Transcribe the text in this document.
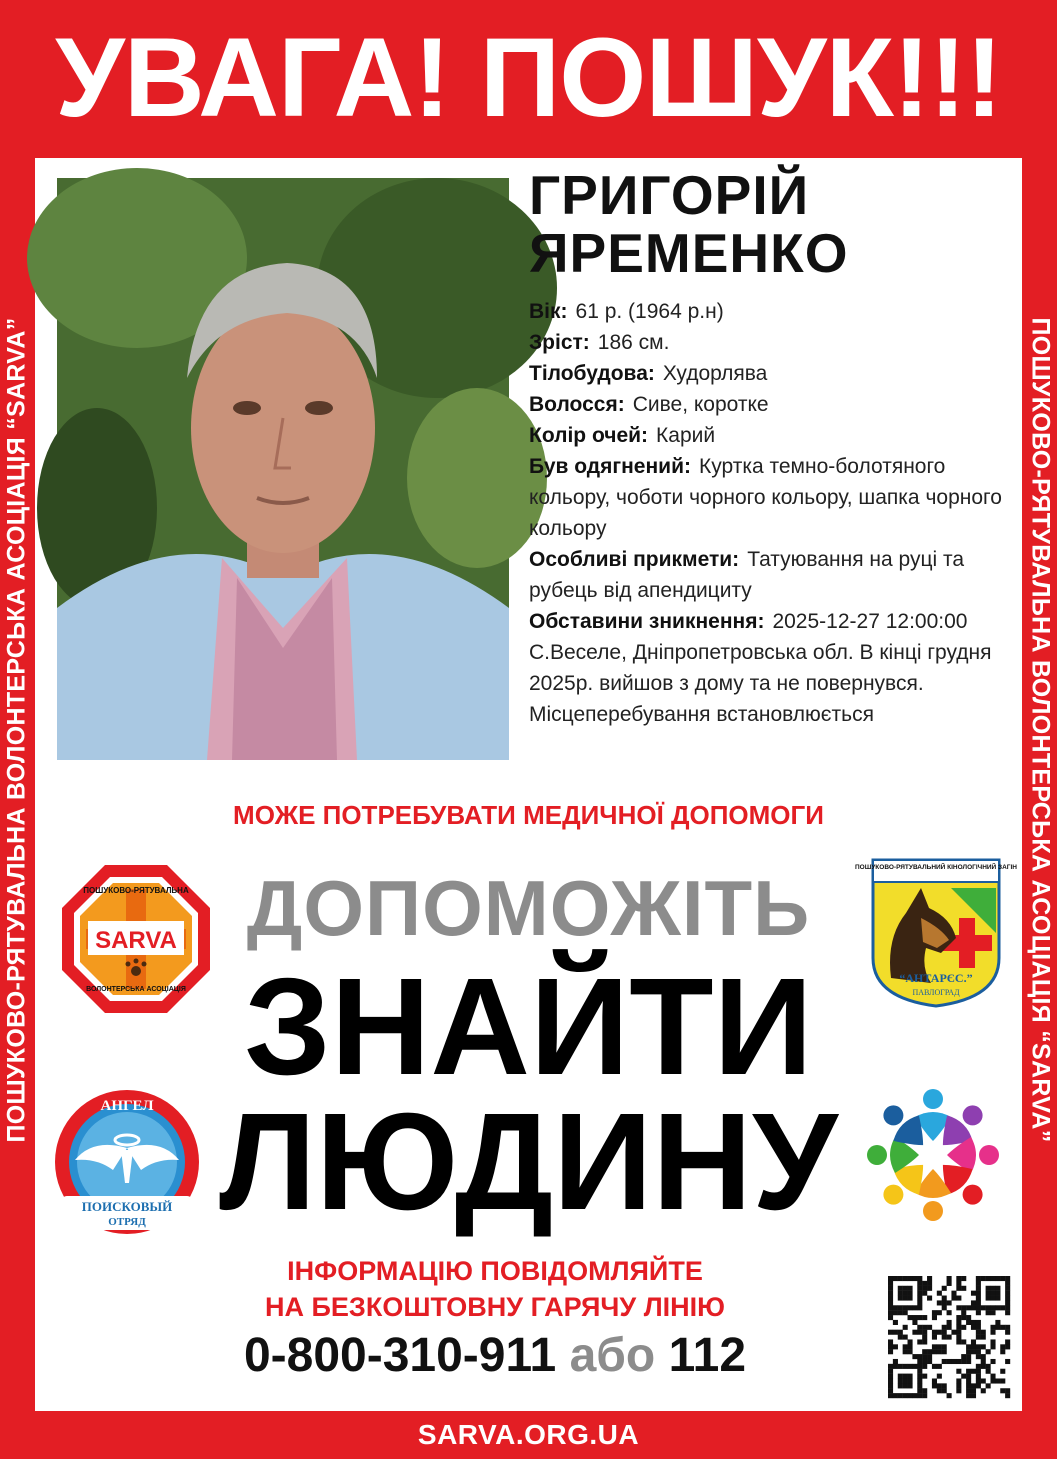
УВАГА! ПОШУК!!!
ПОШУКОВО-РЯТУВАЛЬНА ВОЛОНТЕРСЬКА АСОЦІАЦІЯ “SARVA”	ПОШУКОВО-РЯТУВАЛЬНА ВОЛОНТЕРСЬКА АСОЦІАЦІЯ “SARVA”
ГРИГОРІЙ
ЯРЕМЕНКО
Вік: 61 р. (1964 р.н)
Зріст: 186 см.
Тілобудова: Худорлява
Волосся: Сиве, коротке
Колір очей: Карий
Був одягнений: Куртка темно-болотяного кольору, чоботи чорного кольору, шапка чорного кольору
Особливі прикмети: Татуювання на руці та рубець від апендициту
Обставини зникнення: 2025-12-27 12:00:00 С.Веселе, Дніпропетровська обл. В кінці грудня 2025р. вийшов з дому та не повернувся. Місцеперебування встановлюється
МОЖЕ ПОТРЕБУВАТИ МЕДИЧНОЇ ДОПОМОГИ
ДОПОМОЖІТЬ
ЗНАЙТИ
ЛЮДИНУ
SARVA
ПОШУКОВО-РЯТУВАЛЬНА
ВОЛОНТЕРСЬКА АСОЦІАЦІЯ
ПОШУКОВО-РЯТУВАЛЬНИЙ КІНОЛОГІЧНИЙ ЗАГІН
“АНТАРЄС.”
ПАВЛОГРАД
АНГЕЛ
ПОИСКОВЫЙ
ОТРЯД
ІНФОРМАЦІЮ ПОВІДОМЛЯЙТЕ
НА БЕЗКОШТОВНУ ГАРЯЧУ ЛІНІЮ
0-800-310-911 або 112
SARVA.ORG.UA
